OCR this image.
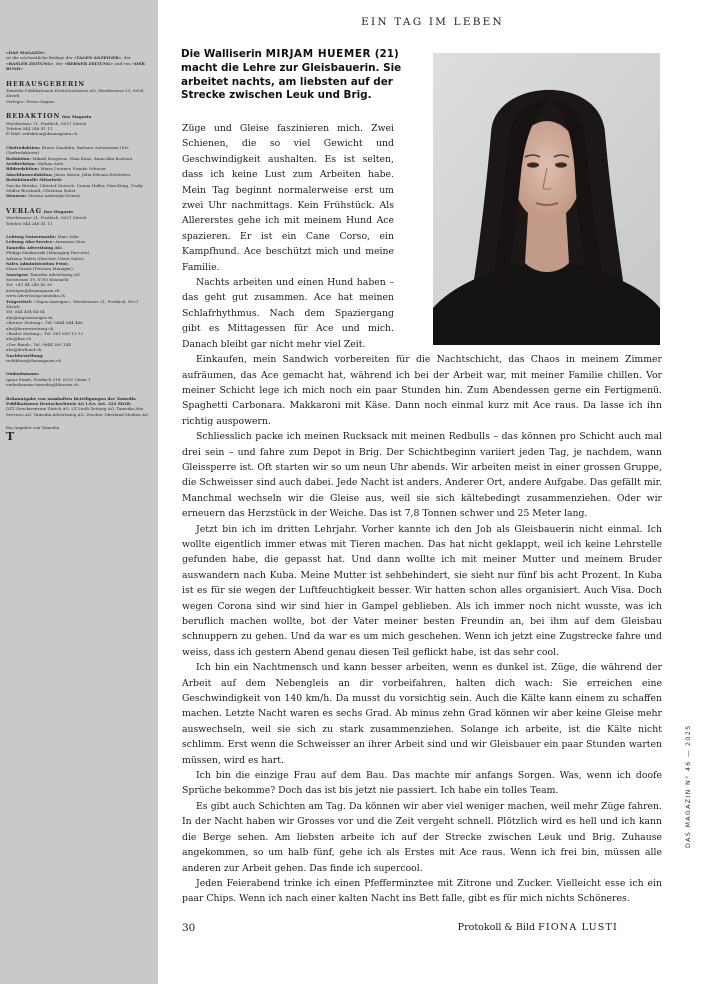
«DAS MAGAZIN»
ist die wöchentliche Beilage der «TAGES-ANZEIGER», der «BASLER ZEITUNG», der «BERNER ZEITUNG» und von «DER BUND»
HERAUSGEBERIN
Tamedia Publikationen Deutschschweiz AG, Werdstrasse 21, 8004 Zürich
Verleger: Pietro Supino
REDAKTION Das Magazin
Werdstrasse 21, Postfach, 8021 Zürich
Telefon 044 248 41 11
E-Mail: redaktion@dasmagazin.ch
Chefredaktion: Bruno Ziauddin, Barbara Achermann (Stv. Chefredaktorin)
Redaktion: Mikael Krogerus, Nina Kunz, Anuschka Roshani
Artdirektion: Nathan Aebi
Bildredaktion: Maria Leutner, Frauke Schnoor
Abschlussredaktion: János Moser, Julia-Silvana Hofstetter
Redaktionelle Mitarbeit:
Sascha Britsko, Christof Gertsch, Ursina Haller, Max Küng, Trudy Müller-Bosshard, Christian Seiler
Honorar: Marina Ambrogio-Donati
VERLAG Das Magazin
Werdstrasse 21, Postfach, 8021 Zürich
Telefon 044 248 41 11
Leitung Nutzermarkt: Marc Isler
Leitung Abo-Service: Aranzazu Diaz
Tamedia Advertising AG:
Philipp Mankowski (Managing Director)
Adriano Valeri (Director Client Sales)
Sales Administration Print:
Mara Grassi (Division Manager)
Anzeigen: Tamedia Advertising AG
Seestrasse 39, 8700 Küsnacht
Tel. +41 44 248 40 30
anzeigen@dasmagazin.ch
www.advertising.tamedia.ch
Trägertitel: «Tages-Anzeiger», Werdstrasse 21, Postfach, 8021 Zürich
Tel. 044 404 64 64
abo@tagesanzeiger.ch
«Berner Zeitung», Tel. 0844 844 466
abo@bernerzeitung.ch
«Basler Zeitung», Tel. 061 639 13 13
abo@baz.ch
«Der Bund», Tel. 0844 385 144
abo@derbund.ch
Nachbestellung:
redaktion@dasmagazin.ch
Ombudsmann:
Ignaz Staub, Postfach 318, 6330 Cham 1
ombudsmann.tamedia@bluewin.ch
Bekanntgabe von namhaften Beteiligungen der Tamedia Publikationen Deutschschweiz AG i.S.v. Art. 322 StGB:
DZZ Druckzentrum Zürich AG, LZ Linth Zeitung AG, Tamedia Abo Services AG, Tamedia Advertising AG, Zürcher Oberland Medien AG
Ein Angebot von Tamedia
T
EIN TAG IM LEBEN

Die Walliserin MIRJAM HUEMER (21) macht die Lehre zur Gleisbauerin. Sie arbeitet nachts, am liebsten auf der Strecke zwischen Leuk und Brig.

Züge und Gleise faszinieren mich. Zwei Schienen, die so viel Gewicht und Geschwindigkeit aushalten. Es ist selten, dass ich keine Lust zum Arbeiten habe. Mein Tag beginnt normalerweise erst um zwei Uhr nachmittags. Kein Frühstück. Als Allererstes gehe ich mit meinem Hund Ace spazieren. Er ist ein Cane Corso, ein Kampfhund. Ace beschützt mich und meine Familie.

Nachts arbeiten und einen Hund haben – das geht gut zusammen. Ace hat meinen Schlafrhythmus. Nach dem Spaziergang gibt es Mittagessen für Ace und mich. Danach bleibt gar nicht mehr viel Zeit.

Einkaufen, mein Sandwich vorbereiten für die Nachtschicht, das Chaos in meinem Zimmer aufräumen, das Ace gemacht hat, während ich bei der Arbeit war, mit meiner Familie chillen. Vor meiner Schicht lege ich mich noch ein paar Stunden hin. Zum Abendessen gerne ein Fertigmenü. Spaghetti Carbonara. Makkaroni mit Käse. Dann noch einmal kurz mit Ace raus. Da lasse ich ihn richtig auspowern.

Schliesslich packe ich meinen Rucksack mit meinen Redbulls – das können pro Schicht auch mal drei sein – und fahre zum Depot in Brig. Der Schichtbeginn variiert jeden Tag, je nachdem, wann Gleissperre ist. Oft starten wir so um neun Uhr abends. Wir arbeiten meist in einer grossen Gruppe, die Schweisser sind auch dabei. Jede Nacht ist anders. Anderer Ort, andere Aufgabe. Das gefällt mir. Manchmal wechseln wir die Gleise aus, weil sie sich kältebedingt zusammenziehen. Oder wir erneuern das Herzstück in der Weiche. Das ist 7,8 Tonnen schwer und 25 Meter lang.

Jetzt bin ich im dritten Lehrjahr. Vorher kannte ich den Job als Gleisbauerin nicht einmal. Ich wollte eigentlich immer etwas mit Tieren machen. Das hat nicht geklappt, weil ich keine Lehrstelle gefunden habe, die gepasst hat. Und dann wollte ich mit meiner Mutter und meinem Bruder auswandern nach Kuba. Meine Mutter ist sehbehindert, sie sieht nur fünf bis acht Prozent. In Kuba ist es für sie wegen der Luftfeuchtigkeit besser. Wir hatten schon alles organisiert. Auch Visa. Doch wegen Corona sind wir sind hier in Gampel geblieben. Als ich immer noch nicht wusste, was ich beruflich machen wollte, bot der Vater meiner besten Freundin an, bei ihm auf dem Gleisbau schnuppern zu gehen. Und da war es um mich geschehen. Wenn ich jetzt eine Zugstrecke fahre und weiss, dass ich gestern Abend genau diesen Teil geflickt habe, ist das sehr cool.

Ich bin ein Nachtmensch und kann besser arbeiten, wenn es dunkel ist. Züge, die während der Arbeit auf dem Nebengleis an dir vorbeifahren, halten dich wach: Sie erreichen eine Geschwindigkeit von 140 km/h. Da musst du vorsichtig sein. Auch die Kälte kann einem zu schaffen machen. Letzte Nacht waren es sechs Grad. Ab minus zehn Grad können wir aber keine Gleise mehr auswechseln, weil sie sich zu stark zusammenziehen. Solange ich arbeite, ist die Kälte nicht schlimm. Erst wenn die Schweisser an ihrer Arbeit sind und wir Gleisbauer ein paar Stunden warten müssen, wird es hart.

Ich bin die einzige Frau auf dem Bau. Das machte mir anfangs Sorgen. Was, wenn ich doofe Sprüche bekomme? Doch das ist bis jetzt nie passiert. Ich habe ein tolles Team.

Es gibt auch Schichten am Tag. Da können wir aber viel weniger machen, weil mehr Züge fahren. In der Nacht haben wir Grosses vor und die Zeit vergeht schnell. Plötzlich wird es hell und ich kann die Berge sehen. Am liebsten arbeite ich auf der Strecke zwischen Leuk und Brig. Zuhause angekommen, so um halb fünf, gehe ich als Erstes mit Ace raus. Wenn ich frei bin, müssen alle anderen zur Arbeit gehen. Das finde ich supercool.

Jeden Feierabend trinke ich einen Pfefferminztee mit Zitrone und Zucker. Vielleicht esse ich ein paar Chips. Wenn ich nach einer kalten Nacht ins Bett falle, gibt es für mich nichts Schöneres.

30	Protokoll & Bild FIONA LUSTI
DAS MAGAZIN N° 46 — 2025
